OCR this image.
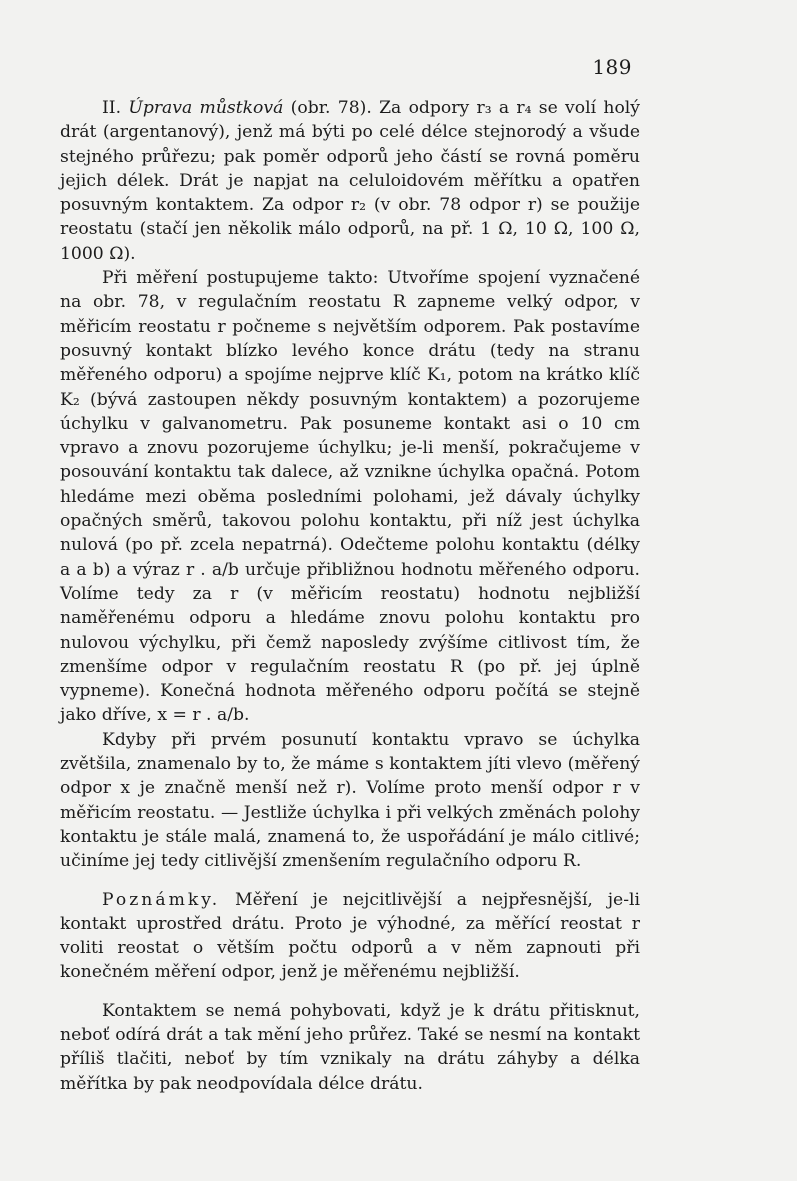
189

II. Úprava můstková (obr. 78). Za odpory r₃ a r₄ se volí holý drát (argentanový), jenž má býti po celé délce stejnorodý a všude stejného průřezu; pak poměr odporů jeho částí se rovná poměru jejich délek. Drát je napjat na celuloidovém měřítku a opatřen posuvným kontaktem. Za odpor r₂ (v obr. 78 odpor r) se použije reostatu (stačí jen několik málo odporů, na př. 1 Ω, 10 Ω, 100 Ω, 1000 Ω).

Při měření postupujeme takto: Utvoříme spojení vyznačené na obr. 78, v regulačním reostatu R zapneme velký odpor, v měřicím reostatu r počneme s největším odporem. Pak postavíme posuvný kontakt blízko levého konce drátu (tedy na stranu měřeného odporu) a spojíme nejprve klíč K₁, potom na krátko klíč K₂ (bývá zastoupen někdy posuvným kontaktem) a pozorujeme úchylku v galvanometru. Pak posuneme kontakt asi o 10 cm vpravo a znovu pozorujeme úchylku; je-li menší, pokračujeme v posouvání kontaktu tak dalece, až vznikne úchylka opačná. Potom hledáme mezi oběma posledními polohami, jež dávaly úchylky opačných směrů, takovou polohu kontaktu, při níž jest úchylka nulová (po př. zcela nepatrná). Odečteme polohu kontaktu (délky a a b) a výraz r . a/b určuje přibližnou hodnotu měřeného odporu. Volíme tedy za r (v měřicím reostatu) hodnotu nejbližší naměřenému odporu a hledáme znovu polohu kontaktu pro nulovou výchylku, při čemž naposledy zvýšíme citlivost tím, že zmenšíme odpor v regulačním reostatu R (po př. jej úplně vypneme). Konečná hodnota měřeného odporu počítá se stejně jako dříve, x = r . a/b.

Kdyby při prvém posunutí kontaktu vpravo se úchylka zvětšila, znamenalo by to, že máme s kontaktem jíti vlevo (měřený odpor x je značně menší než r). Volíme proto menší odpor r v měřicím reostatu. — Jestliže úchylka i při velkých změnách polohy kontaktu je stále malá, znamená to, že uspořádání je málo citlivé; učiníme jej tedy citlivější zmenšením regulačního odporu R.

Poznámky. Měření je nejcitlivější a nejpřesnější, je-li kontakt uprostřed drátu. Proto je výhodné, za měřící reostat r voliti reostat o větším počtu odporů a v něm zapnouti při konečném měření odpor, jenž je měřenému nejbližší.

Kontaktem se nemá pohybovati, když je k drátu přitisknut, neboť odírá drát a tak mění jeho průřez. Také se nesmí na kontakt příliš tlačiti, neboť by tím vznikaly na drátu záhyby a délka měřítka by pak neodpovídala délce drátu.
